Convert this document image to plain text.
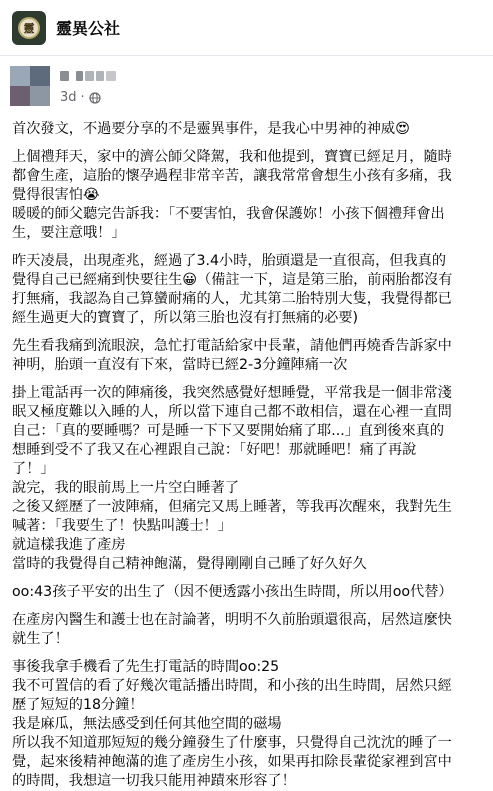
靈	靈異公社
3d ·
首次發文，不過要分享的不是靈異事件，是我心中男神的神威😍
上個禮拜天，家中的濟公師父降駕，我和他提到，寶寶已經足月，隨時
都會生產，這胎的懷孕過程非常辛苦，讓我常常會想生小孩有多痛，我
覺得很害怕😭
暖暖的師父聽完告訴我：「不要害怕，我會保護妳！小孩下個禮拜會出
生，要注意哦！」
昨天凌晨，出現產兆，經過了3.4小時，胎頭還是一直很高，但我真的
覺得自己已經痛到快要往生😀（備註一下，這是第三胎，前兩胎都沒有
打無痛，我認為自己算蠻耐痛的人，尤其第二胎特別大隻，我覺得都已
經生過更大的寶寶了，所以第三胎也沒有打無痛的必要)
先生看我痛到流眼淚，急忙打電話給家中長輩，請他們再燒香告訴家中
神明，胎頭一直沒有下來，當時已經2-3分鐘陣痛一次
掛上電話再一次的陣痛後，我突然感覺好想睡覺，平常我是一個非常淺
眠又極度難以入睡的人，所以當下連自己都不敢相信，還在心裡一直問
自己：「真的要睡嗎？可是睡一下下又要開始痛了耶...」直到後來真的
想睡到受不了我又在心裡跟自己說：「好吧！那就睡吧！痛了再說
了！」
說完，我的眼前馬上一片空白睡著了
之後又經歷了一波陣痛，但痛完又馬上睡著，等我再次醒來，我對先生
喊著：「我要生了！快點叫護士！」
就這樣我進了產房
當時的我覺得自己精神飽滿，覺得剛剛自己睡了好久好久
oo:43孩子平安的出生了（因不便透露小孩出生時間，所以用oo代替）
在產房內醫生和護士也在討論著，明明不久前胎頭還很高，居然這麼快
就生了！
事後我拿手機看了先生打電話的時間oo:25
我不可置信的看了好幾次電話播出時間，和小孩的出生時間，居然只經
歷了短短的18分鐘！
我是麻瓜，無法感受到任何其他空間的磁場
所以我不知道那短短的幾分鐘發生了什麼事，只覺得自己沈沈的睡了一
覺，起來後精神飽滿的進了產房生小孩，如果再扣除長輩從家裡到宮中
的時間，我想這一切我只能用神蹟來形容了！
